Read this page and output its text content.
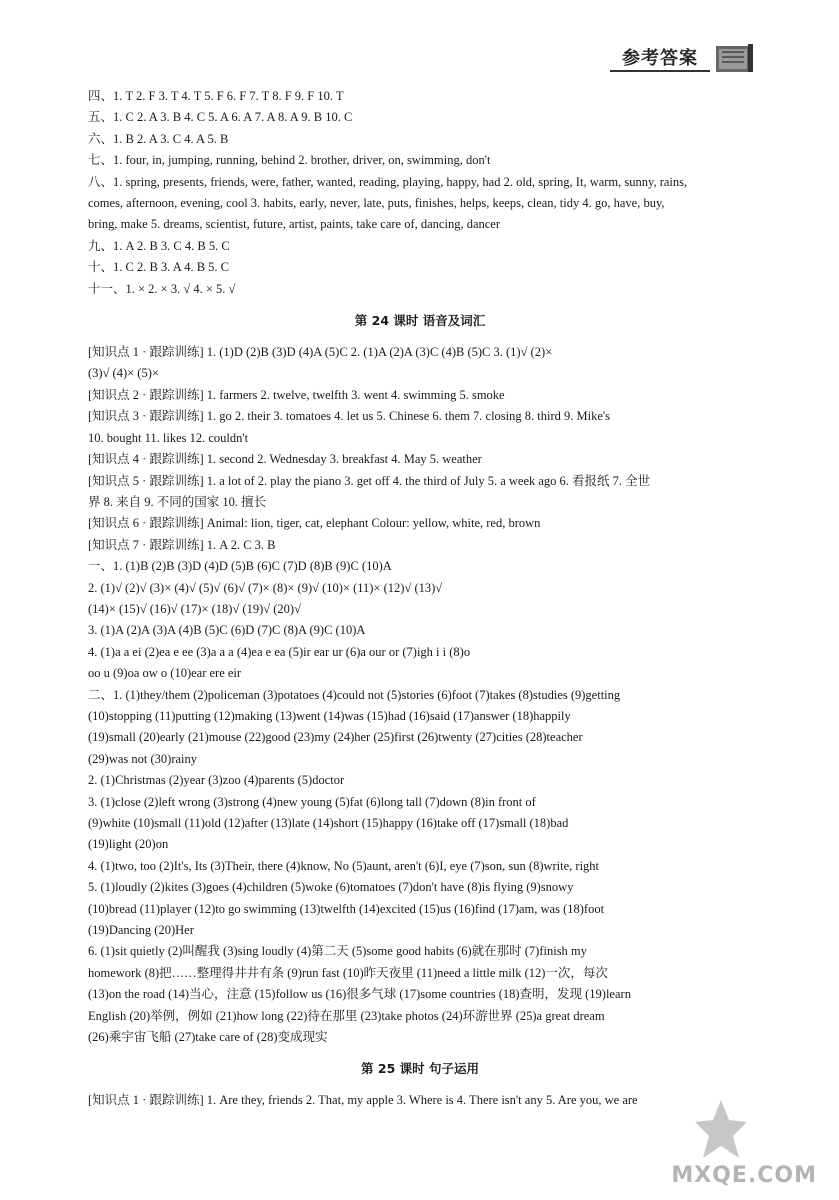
参考答案
四、1. T 2. F 3. T 4. T 5. F 6. F 7. T 8. F 9. F 10. T
五、1. C 2. A 3. B 4. C 5. A 6. A 7. A 8. A 9. B 10. C
六、1. B 2. A 3. C 4. A 5. B
七、1. four, in, jumping, running, behind 2. brother, driver, on, swimming, don't
八、1. spring, presents, friends, were, father, wanted, reading, playing, happy, had 2. old, spring, It, warm, sunny, rains,
comes, afternoon, evening, cool 3. habits, early, never, late, puts, finishes, helps, keeps, clean, tidy 4. go, have, buy,
bring, make 5. dreams, scientist, future, artist, paints, take care of, dancing, dancer
九、1. A 2. B 3. C 4. B 5. C
十、1. C 2. B 3. A 4. B 5. C
十一、1. × 2. × 3. √ 4. × 5. √
第 24 课时 语音及词汇
[知识点 1 · 跟踪训练] 1. (1)D (2)B (3)D (4)A (5)C 2. (1)A (2)A (3)C (4)B (5)C 3. (1)√ (2)×
(3)√ (4)× (5)×
[知识点 2 · 跟踪训练] 1. farmers 2. twelve, twelfth 3. went 4. swimming 5. smoke
[知识点 3 · 跟踪训练] 1. go 2. their 3. tomatoes 4. let us 5. Chinese 6. them 7. closing 8. third 9. Mike's
10. bought 11. likes 12. couldn't
[知识点 4 · 跟踪训练] 1. second 2. Wednesday 3. breakfast 4. May 5. weather
[知识点 5 · 跟踪训练] 1. a lot of 2. play the piano 3. get off 4. the third of July 5. a week ago 6. 看报纸 7. 全世
界 8. 来自 9. 不同的国家 10. 擅长
[知识点 6 · 跟踪训练] Animal: lion, tiger, cat, elephant Colour: yellow, white, red, brown
[知识点 7 · 跟踪训练] 1. A 2. C 3. B
一、1. (1)B (2)B (3)D (4)D (5)B (6)C (7)D (8)B (9)C (10)A
2. (1)√ (2)√ (3)× (4)√ (5)√ (6)√ (7)× (8)× (9)√ (10)× (11)× (12)√ (13)√
(14)× (15)√ (16)√ (17)× (18)√ (19)√ (20)√
3. (1)A (2)A (3)A (4)B (5)C (6)D (7)C (8)A (9)C (10)A
4. (1)a a ei (2)ea e ee (3)a a a (4)ea e ea (5)ir ear ur (6)a our or (7)igh i i (8)o
oo u (9)oa ow o (10)ear ere eir
二、1. (1)they/them (2)policeman (3)potatoes (4)could not (5)stories (6)foot (7)takes (8)studies (9)getting
(10)stopping (11)putting (12)making (13)went (14)was (15)had (16)said (17)answer (18)happily
(19)small (20)early (21)mouse (22)good (23)my (24)her (25)first (26)twenty (27)cities (28)teacher
(29)was not (30)rainy
2. (1)Christmas (2)year (3)zoo (4)parents (5)doctor
3. (1)close (2)left wrong (3)strong (4)new young (5)fat (6)long tall (7)down (8)in front of
(9)white (10)small (11)old (12)after (13)late (14)short (15)happy (16)take off (17)small (18)bad
(19)light (20)on
4. (1)two, too (2)It's, Its (3)Their, there (4)know, No (5)aunt, aren't (6)I, eye (7)son, sun (8)write, right
5. (1)loudly (2)kites (3)goes (4)children (5)woke (6)tomatoes (7)don't have (8)is flying (9)snowy
(10)bread (11)player (12)to go swimming (13)twelfth (14)excited (15)us (16)find (17)am, was (18)foot
(19)Dancing (20)Her
6. (1)sit quietly (2)叫醒我 (3)sing loudly (4)第二天 (5)some good habits (6)就在那时 (7)finish my
homework (8)把……整理得井井有条 (9)run fast (10)昨天夜里 (11)need a little milk (12)一次，每次
(13)on the road (14)当心，注意 (15)follow us (16)很多气球 (17)some countries (18)查明，发现 (19)learn
English (20)举例，例如 (21)how long (22)待在那里 (23)take photos (24)环游世界 (25)a great dream
(26)乘宇宙飞船 (27)take care of (28)变成现实
第 25 课时 句子运用
[知识点 1 · 跟踪训练] 1. Are they, friends 2. That, my apple 3. Where is 4. There isn't any 5. Are you, we are
MXQE.COM
